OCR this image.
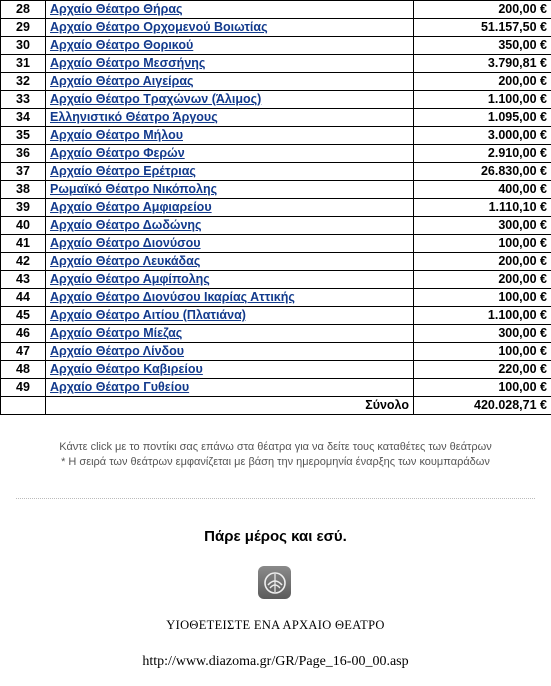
28	Αρχαίο Θέατρο Θήρας	200,00 €
29	Αρχαίο Θέατρο Ορχομενού Βοιωτίας	51.157,50 €
30	Αρχαίο Θέατρο Θορικού	350,00 €
31	Αρχαίο Θέατρο Μεσσήνης	3.790,81 €
32	Αρχαίο Θέατρο Αιγείρας	200,00 €
33	Αρχαίο Θέατρο Τραχώνων (Άλιμος)	1.100,00 €
34	Ελληνιστικό Θέατρο Άργους	1.095,00 €
35	Αρχαίο Θέατρο Μήλου	3.000,00 €
36	Αρχαίο Θέατρο Φερών	2.910,00 €
37	Αρχαίο Θέατρο Ερέτριας	26.830,00 €
38	Ρωμαϊκό Θέατρο Νικόπολης	400,00 €
39	Αρχαίο Θέατρο Αμφιαρείου	1.110,10 €
40	Αρχαίο Θέατρο Δωδώνης	300,00 €
41	Αρχαίο Θέατρο Διονύσου	100,00 €
42	Αρχαίο Θέατρο Λευκάδας	200,00 €
43	Αρχαίο Θέατρο Αμφίπολης	200,00 €
44	Αρχαίο Θέατρο Διονύσου Ικαρίας Αττικής	100,00 €
45	Αρχαίο Θέατρο Αιτίου (Πλατιάνα)	1.100,00 €
46	Αρχαίο Θέατρο Μίεζας	300,00 €
47	Αρχαίο Θέατρο Λίνδου	100,00 €
48	Αρχαίο Θέατρο Καβιρείου	220,00 €
49	Αρχαίο Θέατρο Γυθείου	100,00 €
	Σύνολο	420.028,71 €
Κάντε click με το ποντίκι σας επάνω στα θέατρα για να δείτε τους καταθέτες των θεάτρων
* Η σειρά των θεάτρων εμφανίζεται με βάση την ημερομηνία έναρξης των κουμπαράδων
Πάρε μέρος και εσύ.
ΥΙΟΘΕΤΕΙΣΤΕ ΕΝΑ ΑΡΧΑΙΟ ΘΕΑΤΡΟ
http://www.diazoma.gr/GR/Page_16-00_00.asp
